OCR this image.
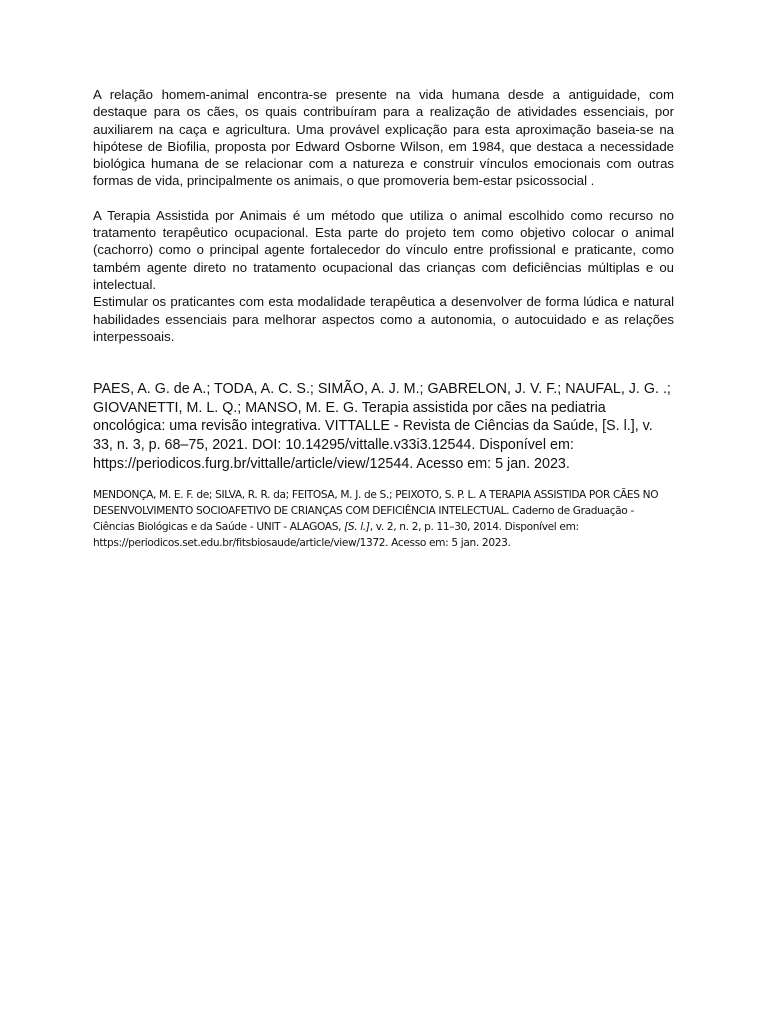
A relação homem-animal encontra-se presente na vida humana desde a antiguidade, com destaque para os cães, os quais contribuíram para a realização de atividades essenciais, por auxiliarem na caça e agricultura. Uma provável explicação para esta aproximação baseia-se na hipótese de Biofilia, proposta por Edward Osborne Wilson, em 1984, que destaca a necessidade biológica humana de se relacionar com a natureza e construir vínculos emocionais com outras formas de vida, principalmente os animais, o que promoveria bem-estar psicossocial .

A Terapia Assistida por Animais é um método que utiliza o animal escolhido como recurso no tratamento terapêutico ocupacional. Esta parte do projeto tem como objetivo colocar o animal (cachorro) como o principal agente fortalecedor do vínculo entre profissional e praticante, como também agente direto no tratamento ocupacional das crianças com deficiências múltiplas e ou intelectual.

Estimular os praticantes com esta modalidade terapêutica a desenvolver de forma lúdica e natural habilidades essenciais para melhorar aspectos como a autonomia, o autocuidado e as relações interpessoais.

PAES, A. G. de A.; TODA, A. C. S.; SIMÃO, A. J. M.; GABRELON, J. V. F.; NAUFAL, J. G. .; GIOVANETTI, M. L. Q.; MANSO, M. E. G. Terapia assistida por cães na pediatria oncológica: uma revisão integrativa. VITTALLE - Revista de Ciências da Saúde, [S. l.], v. 33, n. 3, p. 68–75, 2021. DOI: 10.14295/vittalle.v33i3.12544. Disponível em: https://periodicos.furg.br/vittalle/article/view/12544. Acesso em: 5 jan. 2023.

MENDONÇA, M. E. F. de; SILVA, R. R. da; FEITOSA, M. J. de S.; PEIXOTO, S. P. L. A TERAPIA ASSISTIDA POR CÃES NO DESENVOLVIMENTO SOCIOAFETIVO DE CRIANÇAS COM DEFICIÊNCIA INTELECTUAL. Caderno de Graduação - Ciências Biológicas e da Saúde - UNIT - ALAGOAS, [S. l.], v. 2, n. 2, p. 11–30, 2014. Disponível em: https://periodicos.set.edu.br/fitsbiosaude/article/view/1372. Acesso em: 5 jan. 2023.
